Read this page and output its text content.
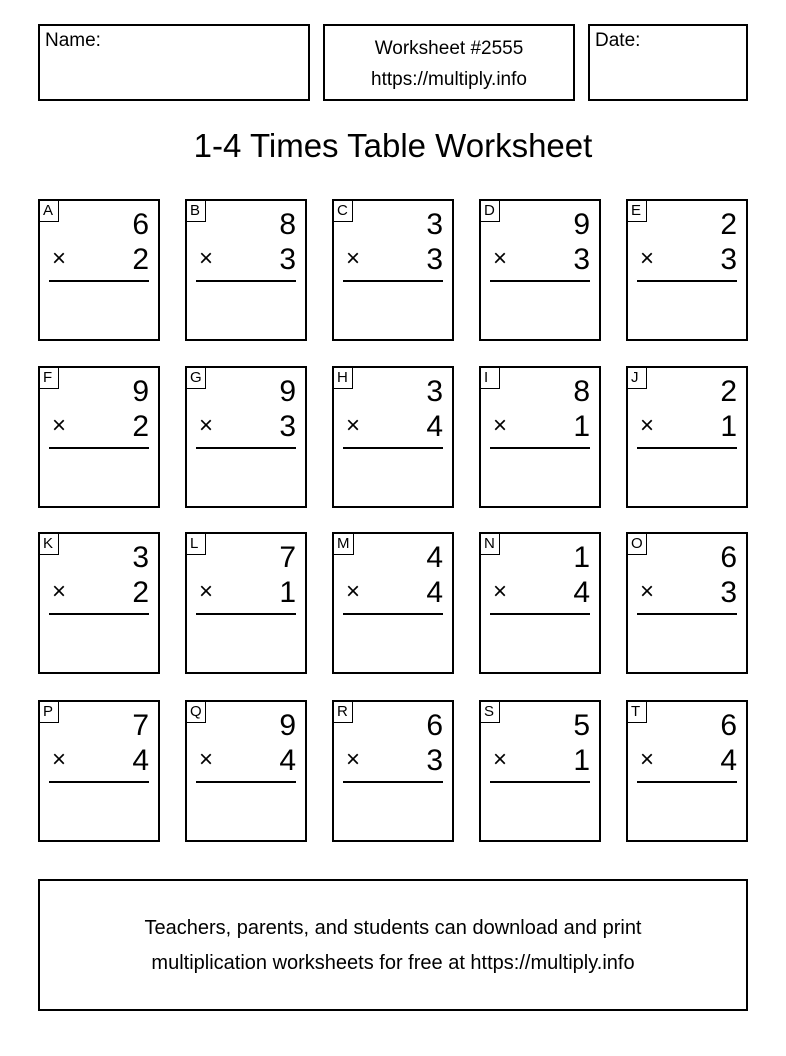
Name:	Worksheet #2555
https://multiply.info
Date:
1-4 Times Table Worksheet
A	6
× 2
B	8
× 3
C	3
× 3
D	9
× 3
E	2
× 3
F	9
× 2
G	9
× 3
H	3
× 4
I	8
× 1
J	2
× 1
K	3
× 2
L	7
× 1
M	4
× 4
N	1
× 4
O	6
× 3
P	7
× 4
Q	9
× 4
R	6
× 3
S	5
× 1
T	6
× 4
Teachers, parents, and students can download and print
multiplication worksheets for free at https://multiply.info
